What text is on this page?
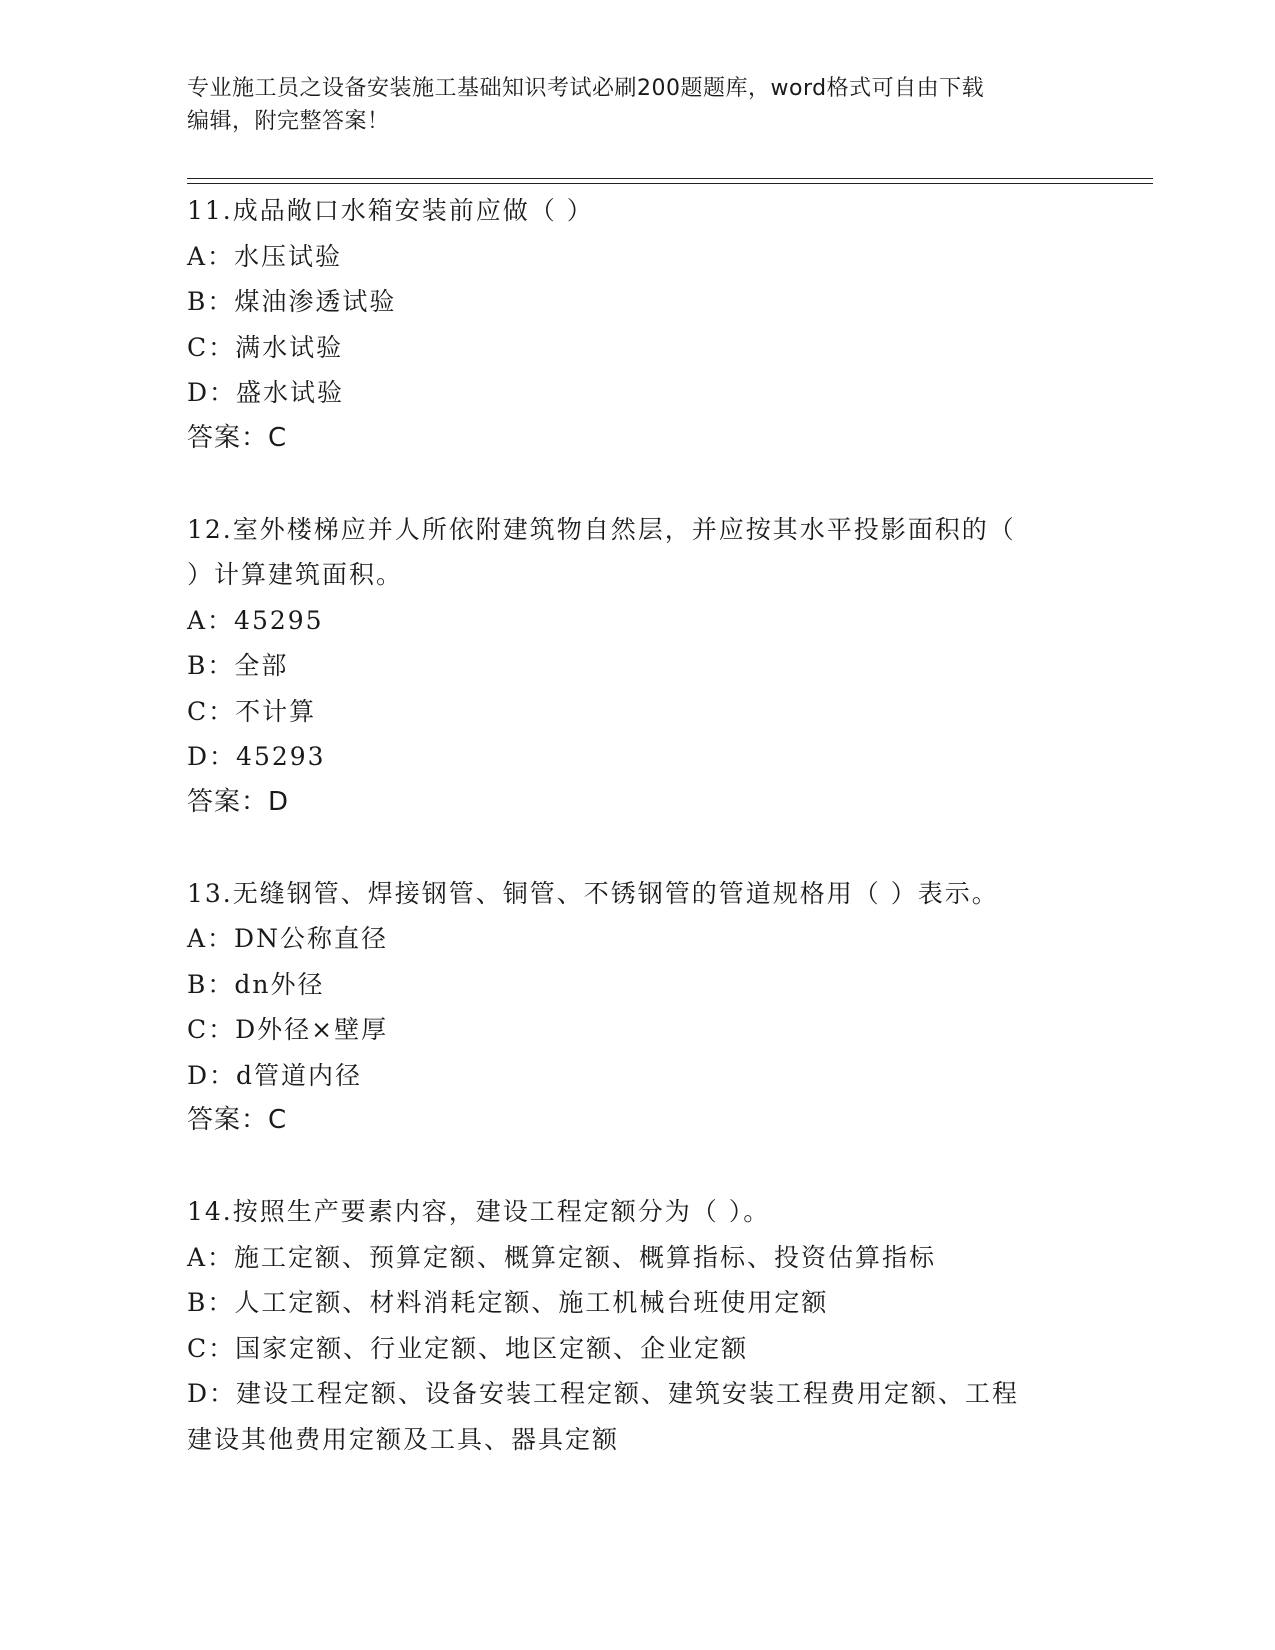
专业施工员之设备安装施工基础知识考试必刷200题题库，word格式可自由下载
编辑，附完整答案！
11.成品敞口水箱安装前应做（ ）
A：水压试验
B：煤油渗透试验
C：满水试验
D：盛水试验
答案：C
12.室外楼梯应并人所依附建筑物自然层，并应按其水平投影面积的（
）计算建筑面积。
A：45295
B：全部
C：不计算
D：45293
答案：D
13.无缝钢管、焊接钢管、铜管、不锈钢管的管道规格用（ ）表示。
A：DN公称直径
B：dn外径
C：D外径×壁厚
D：d管道内径
答案：C
14.按照生产要素内容，建设工程定额分为（ ）。
A：施工定额、预算定额、概算定额、概算指标、投资估算指标
B：人工定额、材料消耗定额、施工机械台班使用定额
C：国家定额、行业定额、地区定额、企业定额
D：建设工程定额、设备安装工程定额、建筑安装工程费用定额、工程
建设其他费用定额及工具、器具定额
